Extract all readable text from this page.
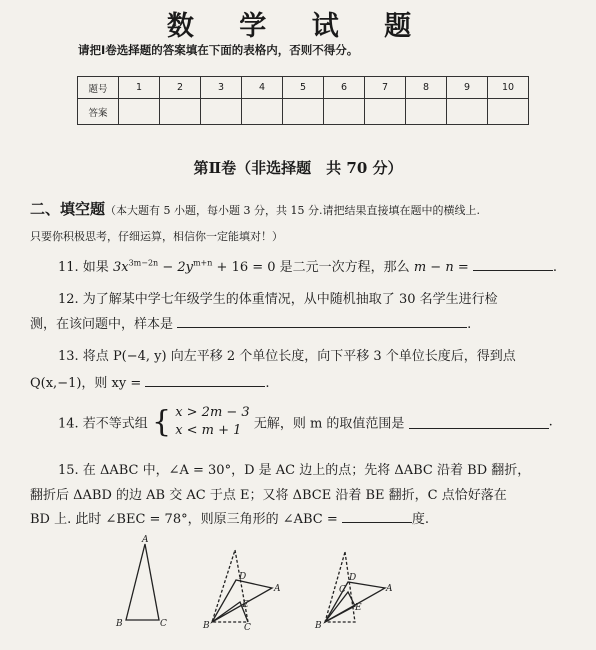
数 学 试 题
请把Ⅰ卷选择题的答案填在下面的表格内，否则不得分。
题号	1	2	3	4	5	6	7	8	9	10
答案										
第Ⅱ卷（非选择题　共 70 分）
二、填空题（本大题有 5 小题，每小题 3 分，共 15 分.请把结果直接填在题中的横线上.
只要你积极思考，仔细运算，相信你一定能填对！）
11. 如果 $3x^{3m-2n} - 2y^{m+n} + 16 = 0$ 是二元一次方程，那么 m − n =	.
12. 为了解某中学七年级学生的体重情况，从中随机抽取了 30 名学生进行检
测，在该问题中，样本是	.
13. 将点 P(−4, y) 向左平移 2 个单位长度，向下平移 3 个单位长度后，得到点
Q(x,−1)，则 xy =	.
14. 若不等式组 { x > 2m − 3
x < m + 1 无解，则 m 的取值范围是	.
15. 在 ΔABC 中，∠A = 30°，D 是 AC 边上的点；先将 ΔABC 沿着 BD 翻折，
翻折后 ΔABD 的边 AB 交 AC 于点 E；又将 ΔBCE 沿着 BE 翻折，C 点恰好落在
BD 上. 此时 ∠BEC = 78°，则原三角形的 ∠ABC =	度.
A
B	C
D
A
E
B	C
D
A
C
E
B
